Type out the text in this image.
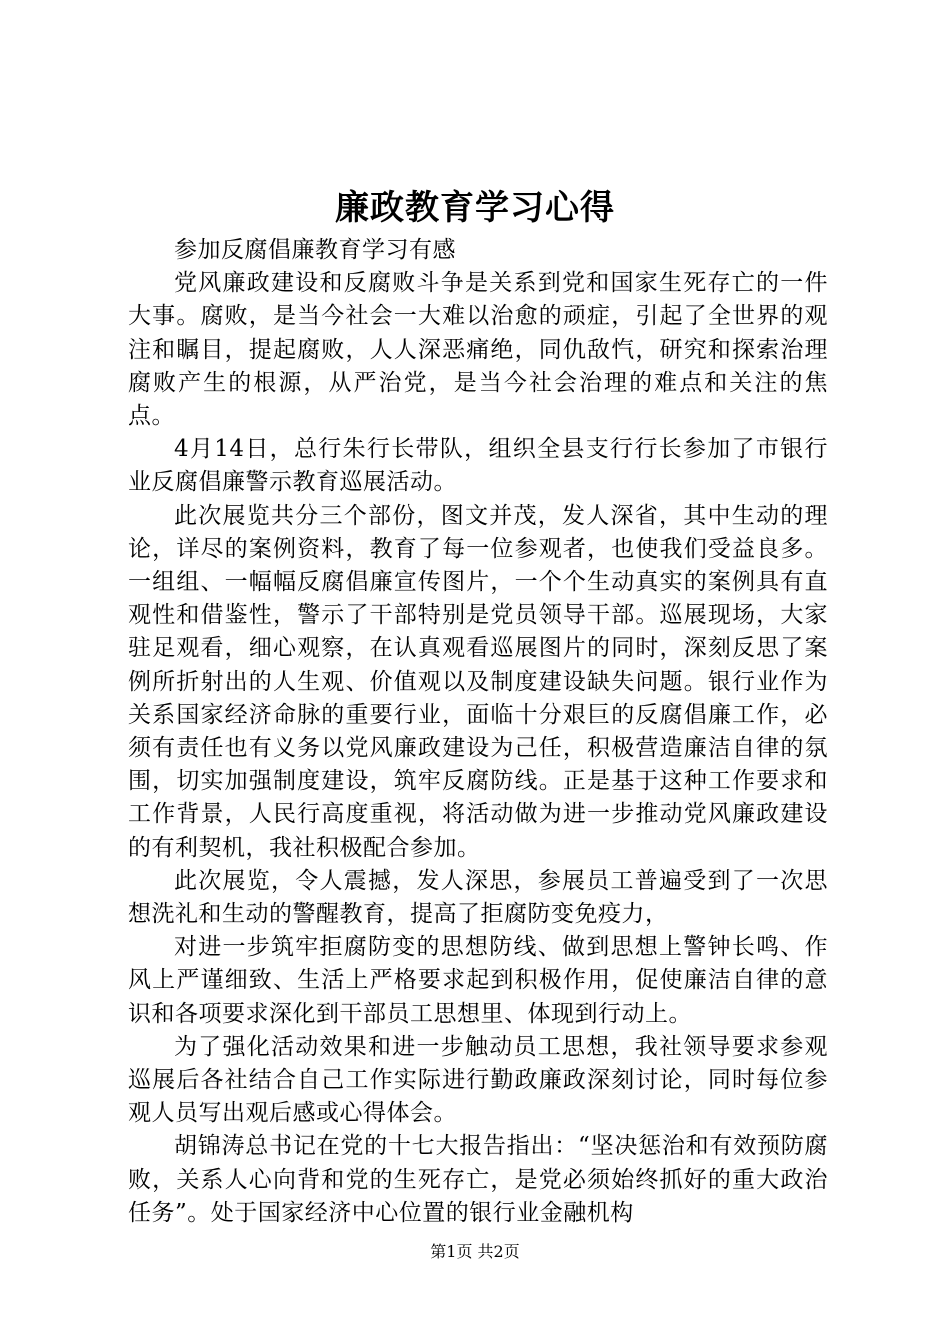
廉政教育学习心得

参加反腐倡廉教育学习有感

党风廉政建设和反腐败斗争是关系到党和国家生死存亡的一件大事。腐败，是当今社会一大难以治愈的顽症，引起了全世界的观注和瞩目，提起腐败，人人深恶痛绝，同仇敌忾，研究和探索治理腐败产生的根源，从严治党，是当今社会治理的难点和关注的焦点。

4月14日，总行朱行长带队，组织全县支行行长参加了市银行业反腐倡廉警示教育巡展活动。

此次展览共分三个部份，图文并茂，发人深省，其中生动的理论，详尽的案例资料，教育了每一位参观者，也使我们受益良多。一组组、一幅幅反腐倡廉宣传图片，一个个生动真实的案例具有直观性和借鉴性，警示了干部特别是党员领导干部。巡展现场，大家驻足观看，细心观察，在认真观看巡展图片的同时，深刻反思了案例所折射出的人生观、价值观以及制度建设缺失问题。银行业作为关系国家经济命脉的重要行业，面临十分艰巨的反腐倡廉工作，必须有责任也有义务以党风廉政建设为己任，积极营造廉洁自律的氛围，切实加强制度建设，筑牢反腐防线。正是基于这种工作要求和工作背景，人民行高度重视，将活动做为进一步推动党风廉政建设的有利契机，我社积极配合参加。

此次展览，令人震撼，发人深思，参展员工普遍受到了一次思想洗礼和生动的警醒教育，提高了拒腐防变免疫力，

对进一步筑牢拒腐防变的思想防线、做到思想上警钟长鸣、作风上严谨细致、生活上严格要求起到积极作用，促使廉洁自律的意识和各项要求深化到干部员工思想里、体现到行动上。

为了强化活动效果和进一步触动员工思想，我社领导要求参观巡展后各社结合自己工作实际进行勤政廉政深刻讨论，同时每位参观人员写出观后感或心得体会。

胡锦涛总书记在党的十七大报告指出：“坚决惩治和有效预防腐败，关系人心向背和党的生死存亡，是党必须始终抓好的重大政治任务”。处于国家经济中心位置的银行业金融机构

第1页 共2页
